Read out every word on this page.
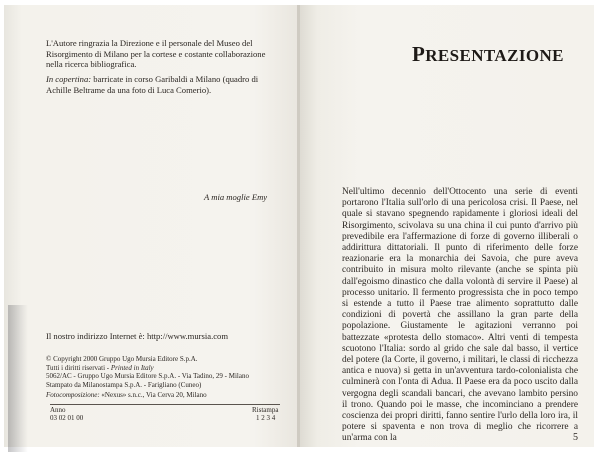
L'Autore ringrazia la Direzione e il personale del Museo del Risorgimento di Milano per la cortese e costante collaborazione nella ricerca bibliografica.

In copertina: barricate in corso Garibaldi a Milano (quadro di Achille Beltrame da una foto di Luca Comerio).

A mia moglie Emy
Il nostro indirizzo Internet è: http://www.mursia.com

© Copyright 2000 Gruppo Ugo Mursia Editore S.p.A.

Tutti i diritti riservati - Printed in Italy

5062/AC - Gruppo Ugo Mursia Editore S.p.A. - Via Tadino, 29 - Milano

Stampato da Milanostampa S.p.A. - Farigliano (Cuneo)

Fotocomposizione: «Nexus» s.n.c., Via Cerva 20, Milano

Anno
03 02 01 00
Ristampa
1 2 3 4
PRESENTAZIONE
Nell'ultimo decennio dell'Ottocento una serie di eventi portarono l'Italia sull'orlo di una pericolosa crisi. Il Paese, nel quale si stavano spegnendo rapidamente i gloriosi ideali del Risorgimento, scivolava su una china il cui punto d'arrivo più prevedibile era l'affermazione di forze di governo illiberali o addirittura dittatoriali. Il punto di riferimento delle forze reazionarie era la monarchia dei Savoia, che pure aveva contribuito in misura molto rilevante (anche se spinta più dall'egoismo dinastico che dalla volontà di servire il Paese) al processo unitario. Il fermento progressista che in poco tempo si estende a tutto il Paese trae alimento soprattutto dalle condizioni di povertà che assillano la gran parte della popolazione. Giustamente le agitazioni verranno poi battezzate «protesta dello stomaco». Altri venti di tempesta scuotono l'Italia: sordo al grido che sale dal basso, il vertice del potere (la Corte, il governo, i militari, le classi di ricchezza antica e nuova) si getta in un'avventura tardo-colonialista che culminerà con l'onta di Adua. Il Paese era da poco uscito dalla vergogna degli scandali bancari, che avevano lambito persino il trono. Quando poi le masse, che incominciano a prendere coscienza dei propri diritti, fanno sentire l'urlo della loro ira, il potere si spaventa e non trova di meglio che ricorrere a un'arma con la	5
